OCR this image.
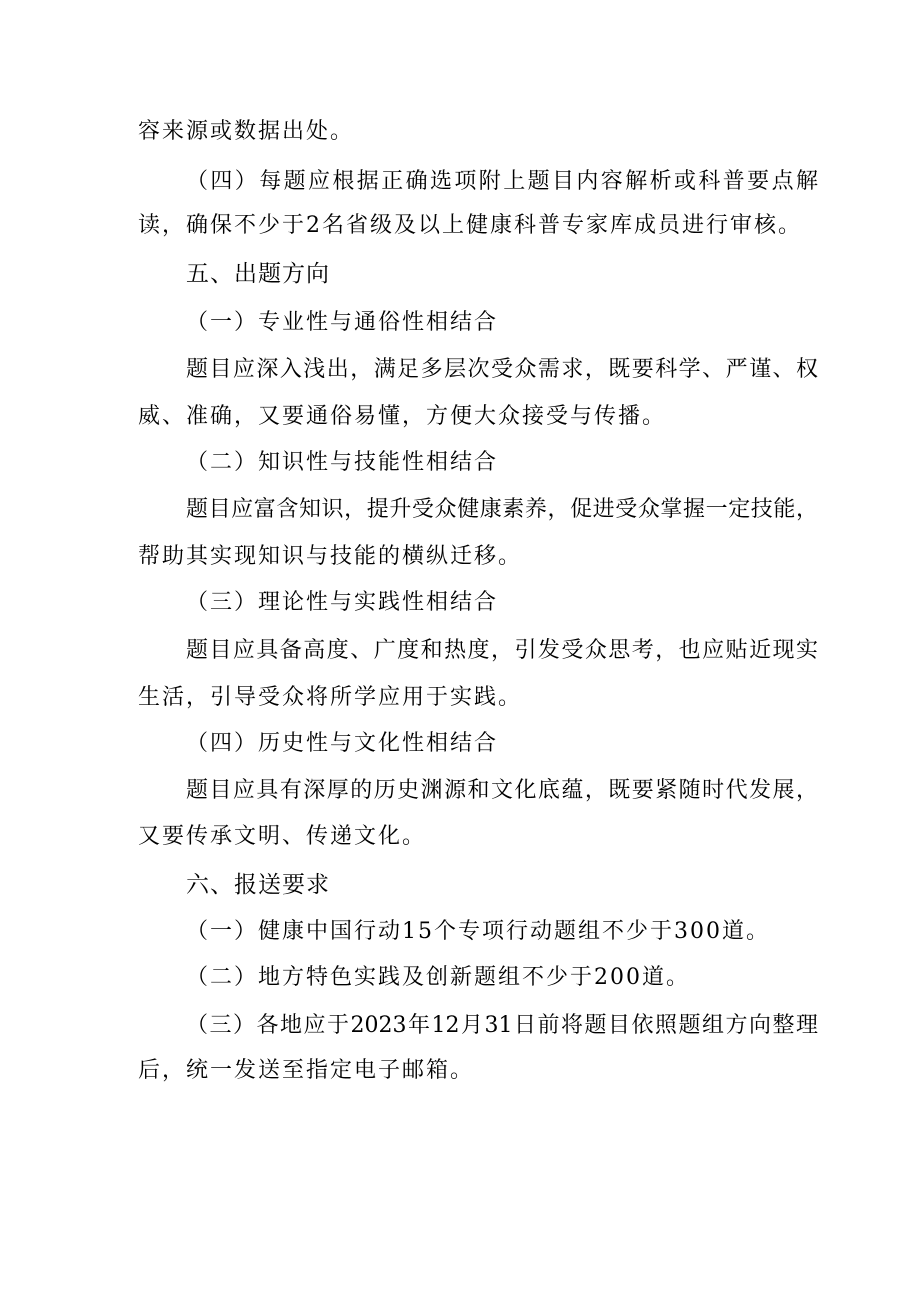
容来源或数据出处。
（四）每题应根据正确选项附上题目内容解析或科普要点解
读，确保不少于2名省级及以上健康科普专家库成员进行审核。
五、出题方向
（一）专业性与通俗性相结合
题目应深入浅出，满足多层次受众需求，既要科学、严谨、权
威、准确，又要通俗易懂，方便大众接受与传播。
（二）知识性与技能性相结合
题目应富含知识，提升受众健康素养，促进受众掌握一定技能，
帮助其实现知识与技能的横纵迁移。
（三）理论性与实践性相结合
题目应具备高度、广度和热度，引发受众思考，也应贴近现实
生活，引导受众将所学应用于实践。
（四）历史性与文化性相结合
题目应具有深厚的历史渊源和文化底蕴，既要紧随时代发展，
又要传承文明、传递文化。
六、报送要求
（一）健康中国行动15个专项行动题组不少于300道。
（二）地方特色实践及创新题组不少于200道。
（三）各地应于2023年12月31日前将题目依照题组方向整理
后，统一发送至指定电子邮箱。
